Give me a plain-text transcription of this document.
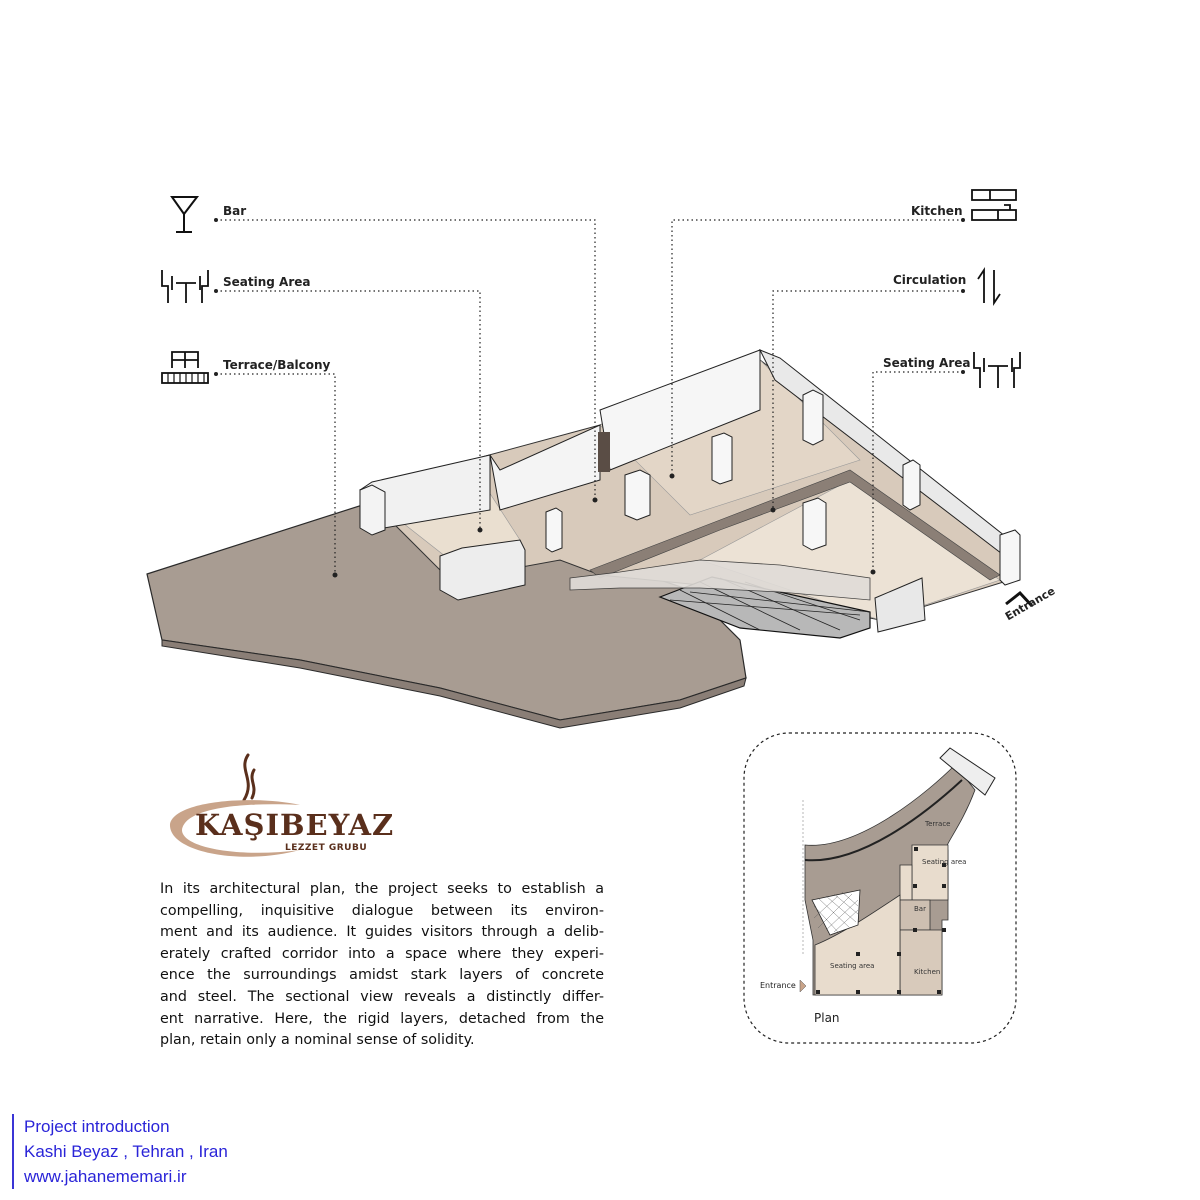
Bar
Seating Area
Terrace/Balcony
Kitchen
Circulation
Seating Area
Entrance
KAŞIBEYAZ
LEZZET GRUBU
In its architectural plan, the project seeks to establish a
compelling, inquisitive dialogue between its environ-
ment and its audience. It guides visitors through a delib-
erately crafted corridor into a space where they experi-
ence the surroundings amidst stark layers of concrete
and steel. The sectional view reveals a distinctly differ-
ent narrative. Here, the rigid layers, detached from the
plan, retain only a nominal sense of solidity.
Terrace
Seating area
Bar
Seating area
Kitchen
Entrance
Plan
Project introduction
Kashi Beyaz , Tehran , Iran
www.jahanememari.ir
